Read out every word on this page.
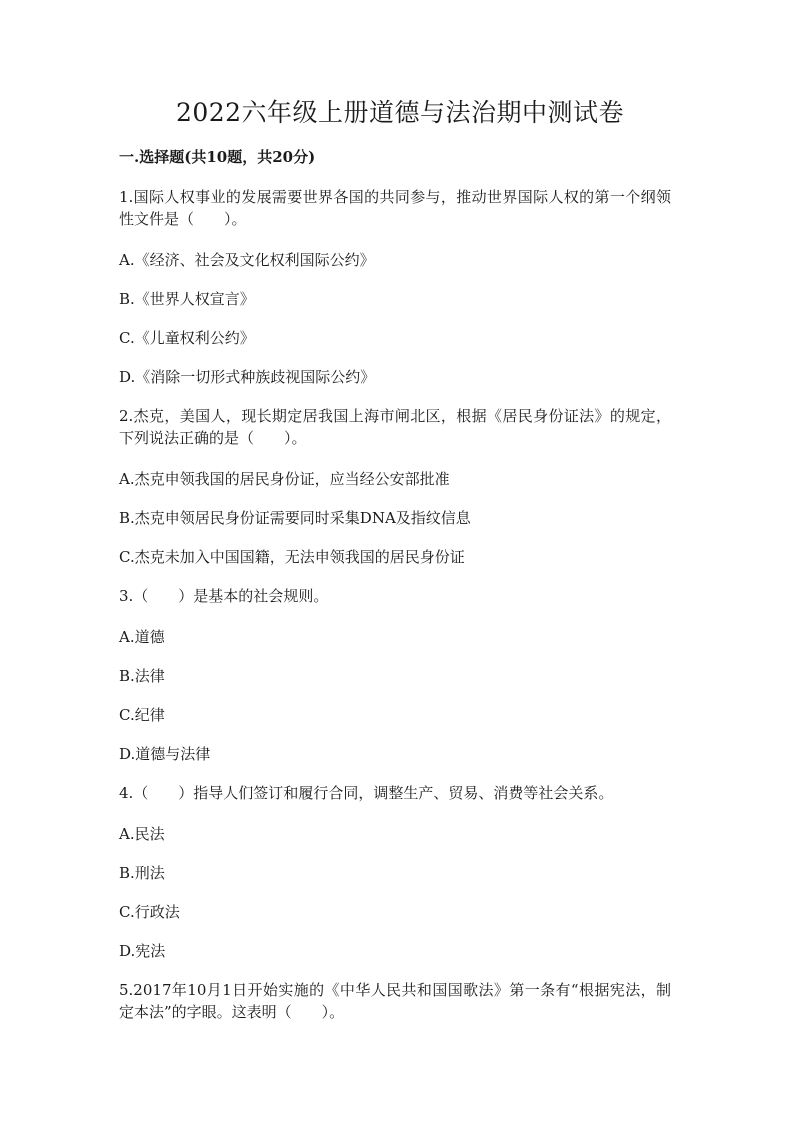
2022六年级上册道德与法治期中测试卷
一.选择题(共10题，共20分)
1.国际人权事业的发展需要世界各国的共同参与，推动世界国际人权的第一个纲领性文件是（　　）。
A.《经济、社会及文化权利国际公约》
B.《世界人权宣言》
C.《儿童权利公约》
D.《消除一切形式种族歧视国际公约》
2.杰克，美国人，现长期定居我国上海市闸北区，根据《居民身份证法》的规定，下列说法正确的是（　　）。
A.杰克申领我国的居民身份证，应当经公安部批准
B.杰克申领居民身份证需要同时采集DNA及指纹信息
C.杰克未加入中国国籍，无法申领我国的居民身份证
3.（　　）是基本的社会规则。
A.道德
B.法律
C.纪律
D.道德与法律
4.（　　）指导人们签订和履行合同，调整生产、贸易、消费等社会关系。
A.民法
B.刑法
C.行政法
D.宪法
5.2017年10月1日开始实施的《中华人民共和国国歌法》第一条有“根据宪法，制定本法”的字眼。这表明（　　）。
